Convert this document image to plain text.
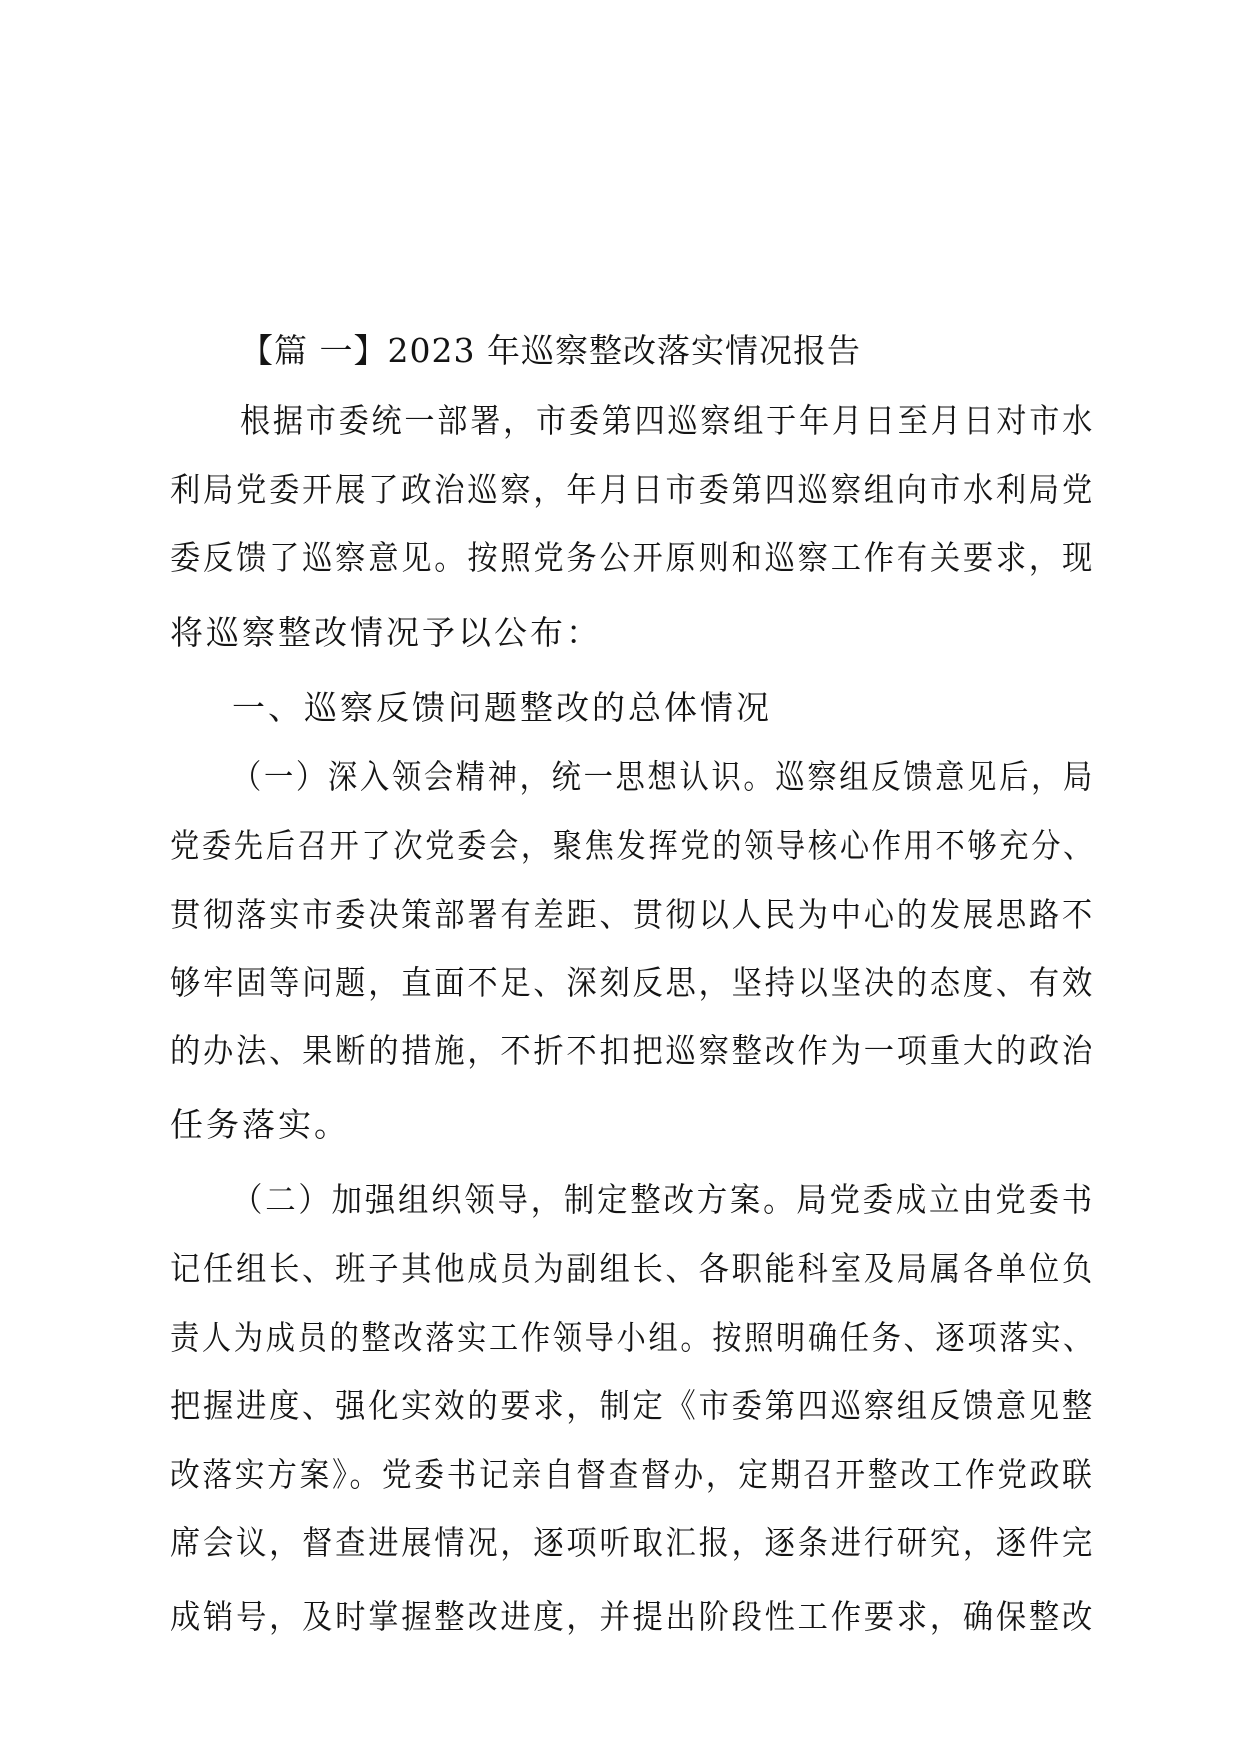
【篇 一】2023 年巡察整改落实情况报告
根据市委统一部署，市委第四巡察组于年月日至月日对市水
利局党委开展了政治巡察，年月日市委第四巡察组向市水利局党
委反馈了巡察意见。按照党务公开原则和巡察工作有关要求，现
将巡察整改情况予以公布：
一、巡察反馈问题整改的总体情况
（一）深入领会精神，统一思想认识。巡察组反馈意见后，局
党委先后召开了次党委会，聚焦发挥党的领导核心作用不够充分、
贯彻落实市委决策部署有差距、贯彻以人民为中心的发展思路不
够牢固等问题，直面不足、深刻反思，坚持以坚决的态度、有效
的办法、果断的措施，不折不扣把巡察整改作为一项重大的政治
任务落实。
（二）加强组织领导，制定整改方案。局党委成立由党委书
记任组长、班子其他成员为副组长、各职能科室及局属各单位负
责人为成员的整改落实工作领导小组。按照明确任务、逐项落实、
把握进度、强化实效的要求，制定《市委第四巡察组反馈意见整
改落实方案》。党委书记亲自督查督办，定期召开整改工作党政联
席会议，督查进展情况，逐项听取汇报，逐条进行研究，逐件完
成销号，及时掌握整改进度，并提出阶段性工作要求，确保整改
